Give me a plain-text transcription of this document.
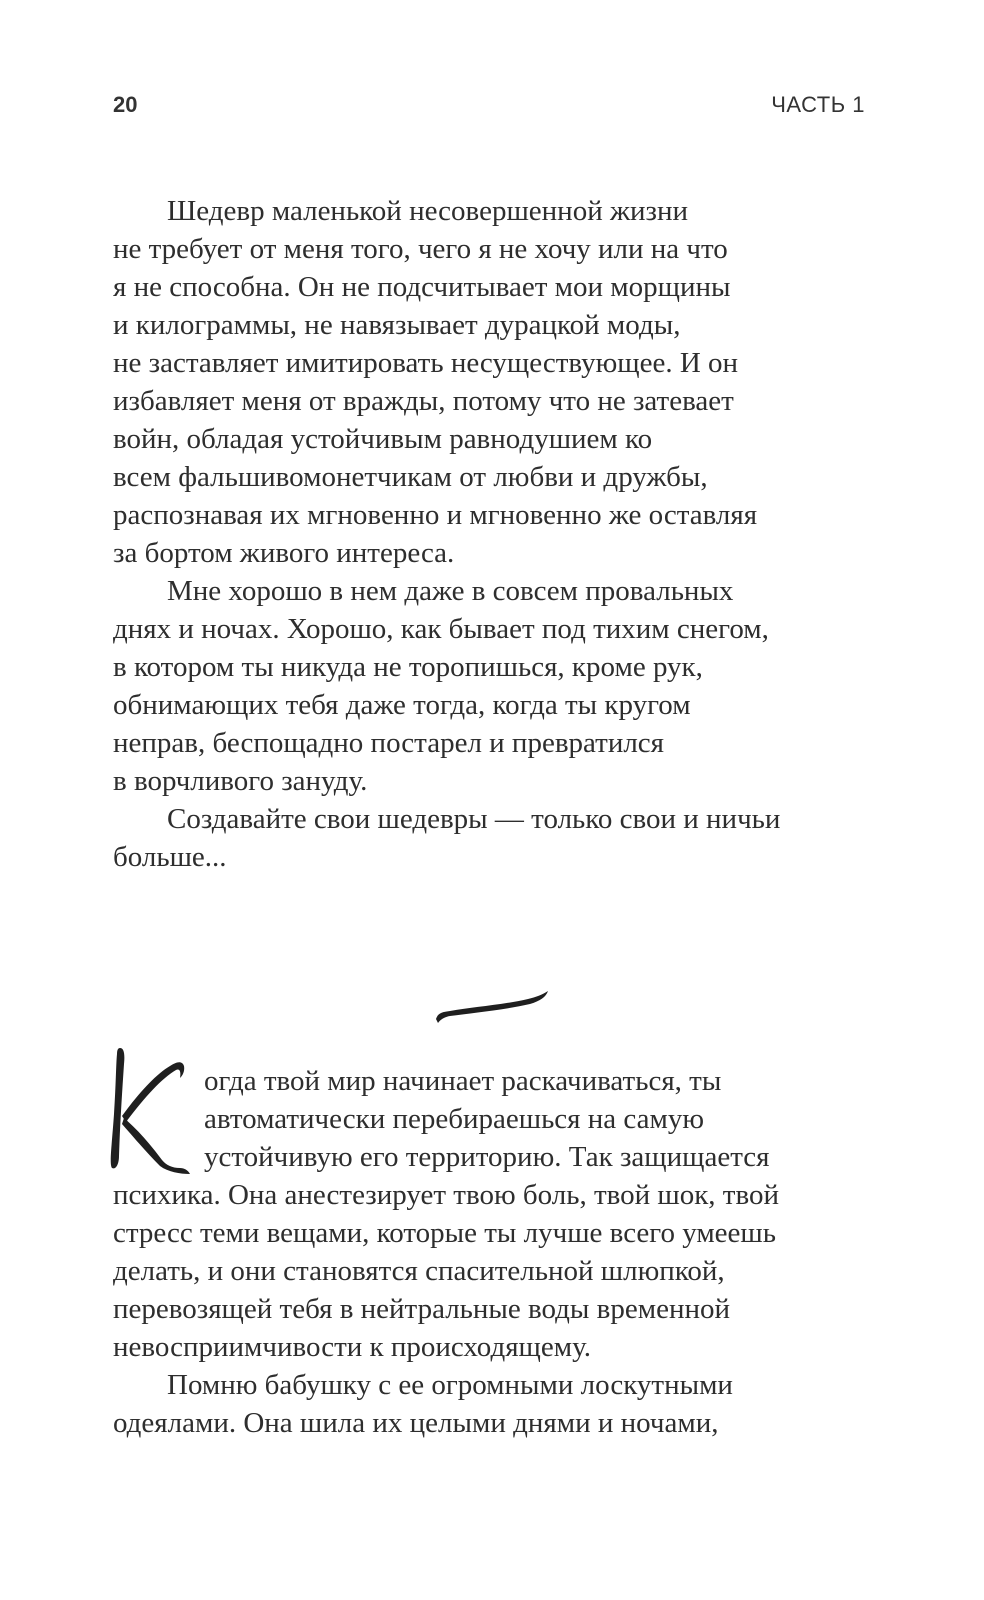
20	ЧАСТЬ 1
Шедевр маленькой несовершенной жизни
не требует от меня того, чего я не хочу или на что
я не способна. Он не подсчитывает мои морщины
и килограммы, не навязывает дурацкой моды,
не заставляет имитировать несуществующее. И он
избавляет меня от вражды, потому что не затевает
войн, обладая устойчивым равнодушием ко
всем фальшивомонетчикам от любви и дружбы,
распознавая их мгновенно и мгновенно же оставляя
за бортом живого интереса.
Мне хорошо в нем даже в совсем провальных
днях и ночах. Хорошо, как бывает под тихим снегом,
в котором ты никуда не торопишься, кроме рук,
обнимающих тебя даже тогда, когда ты кругом
неправ, беспощадно постарел и превратился
в ворчливого зануду.
Создавайте свои шедевры — только свои и ничьи
больше...
огда твой мир начинает раскачиваться, ты
автоматически перебираешься на самую
устойчивую его территорию. Так защищается
психика. Она анестезирует твою боль, твой шок, твой
стресс теми вещами, которые ты лучше всего умеешь
делать, и они становятся спасительной шлюпкой,
перевозящей тебя в нейтральные воды временной
невосприимчивости к происходящему.
Помню бабушку с ее огромными лоскутными
одеялами. Она шила их целыми днями и ночами,
